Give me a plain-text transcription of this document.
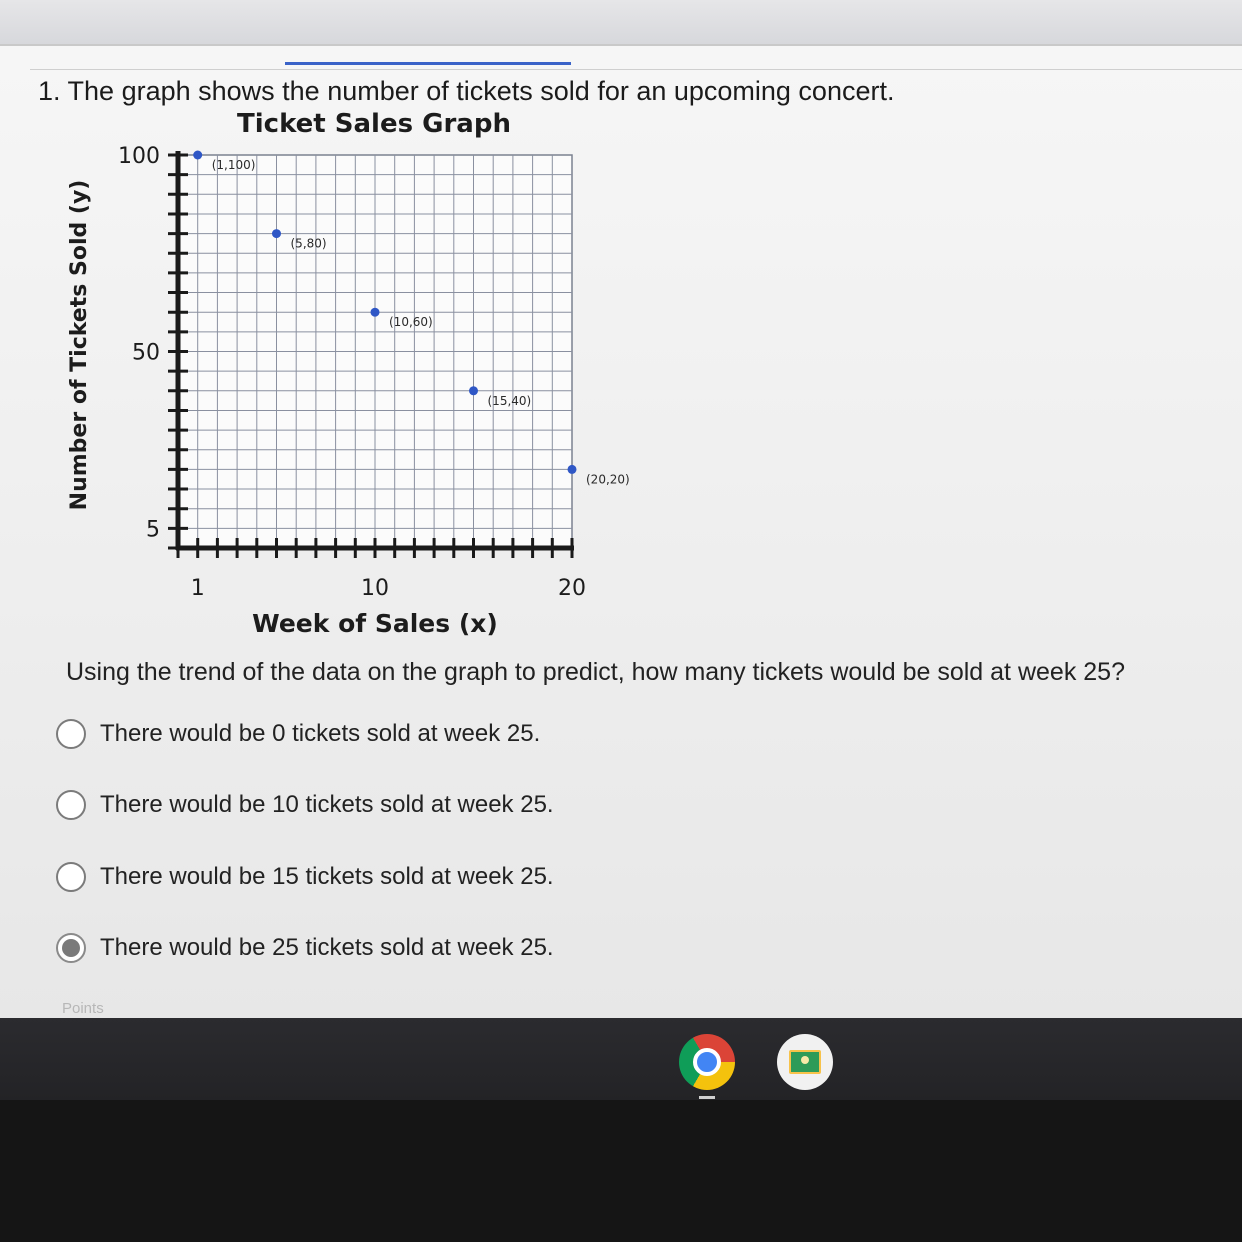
1. The graph shows the number of tickets sold for an upcoming concert.
Ticket Sales Graph
1	10	20
100
50
5
(1,100)
(5,80)
(10,60)
(15,40)
(20,20)
Week of Sales (x)
Number of Tickets Sold (y)
Using the trend of the data on the graph to predict, how many tickets would be sold at week 25?
There would be 0 tickets sold at week 25.
There would be 10 tickets sold at week 25.
There would be 15 tickets sold at week 25.
There would be 25 tickets sold at week 25.
Points
